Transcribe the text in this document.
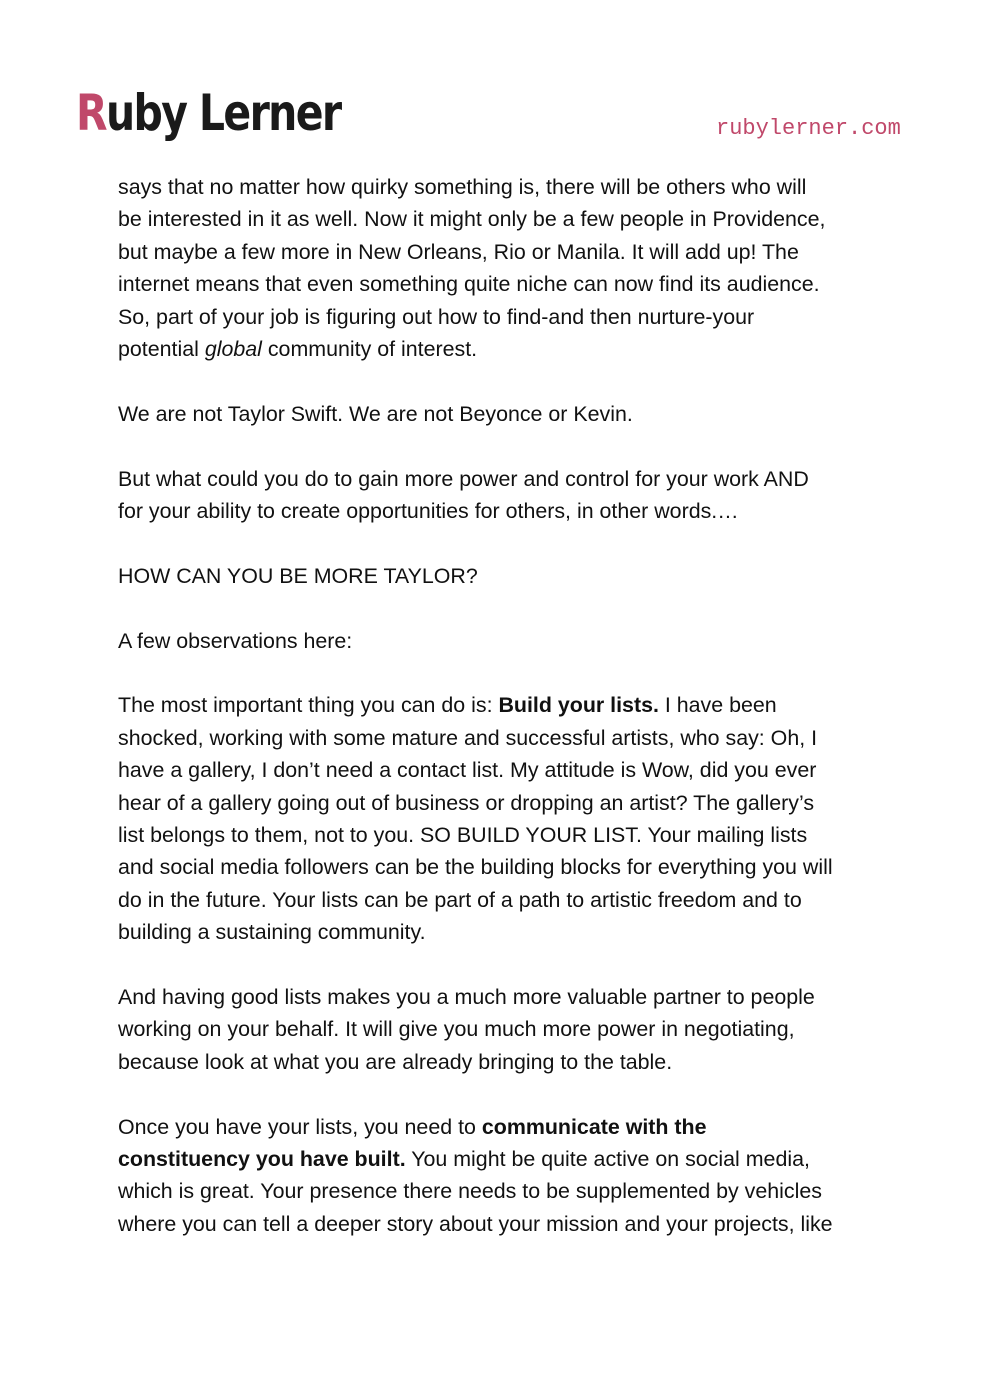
Ruby Lerner	rubylerner.com

says that no matter how quirky something is, there will be others who will
be interested in it as well. Now it might only be a few people in Providence,
but maybe a few more in New Orleans, Rio or Manila. It will add up! The
internet means that even something quite niche can now find its audience.
So, part of your job is figuring out how to find-and then nurture-your
potential global community of interest.

We are not Taylor Swift. We are not Beyonce or Kevin.

But what could you do to gain more power and control for your work AND
for your ability to create opportunities for others, in other words.…

HOW CAN YOU BE MORE TAYLOR?

A few observations here:

The most important thing you can do is: Build your lists. I have been
shocked, working with some mature and successful artists, who say: Oh, I
have a gallery, I don’t need a contact list. My attitude is Wow, did you ever
hear of a gallery going out of business or dropping an artist? The gallery’s
list belongs to them, not to you. SO BUILD YOUR LIST. Your mailing lists
and social media followers can be the building blocks for everything you will
do in the future. Your lists can be part of a path to artistic freedom and to
building a sustaining community.

And having good lists makes you a much more valuable partner to people
working on your behalf. It will give you much more power in negotiating,
because look at what you are already bringing to the table.

Once you have your lists, you need to communicate with the
constituency you have built. You might be quite active on social media,
which is great. Your presence there needs to be supplemented by vehicles
where you can tell a deeper story about your mission and your projects, like
